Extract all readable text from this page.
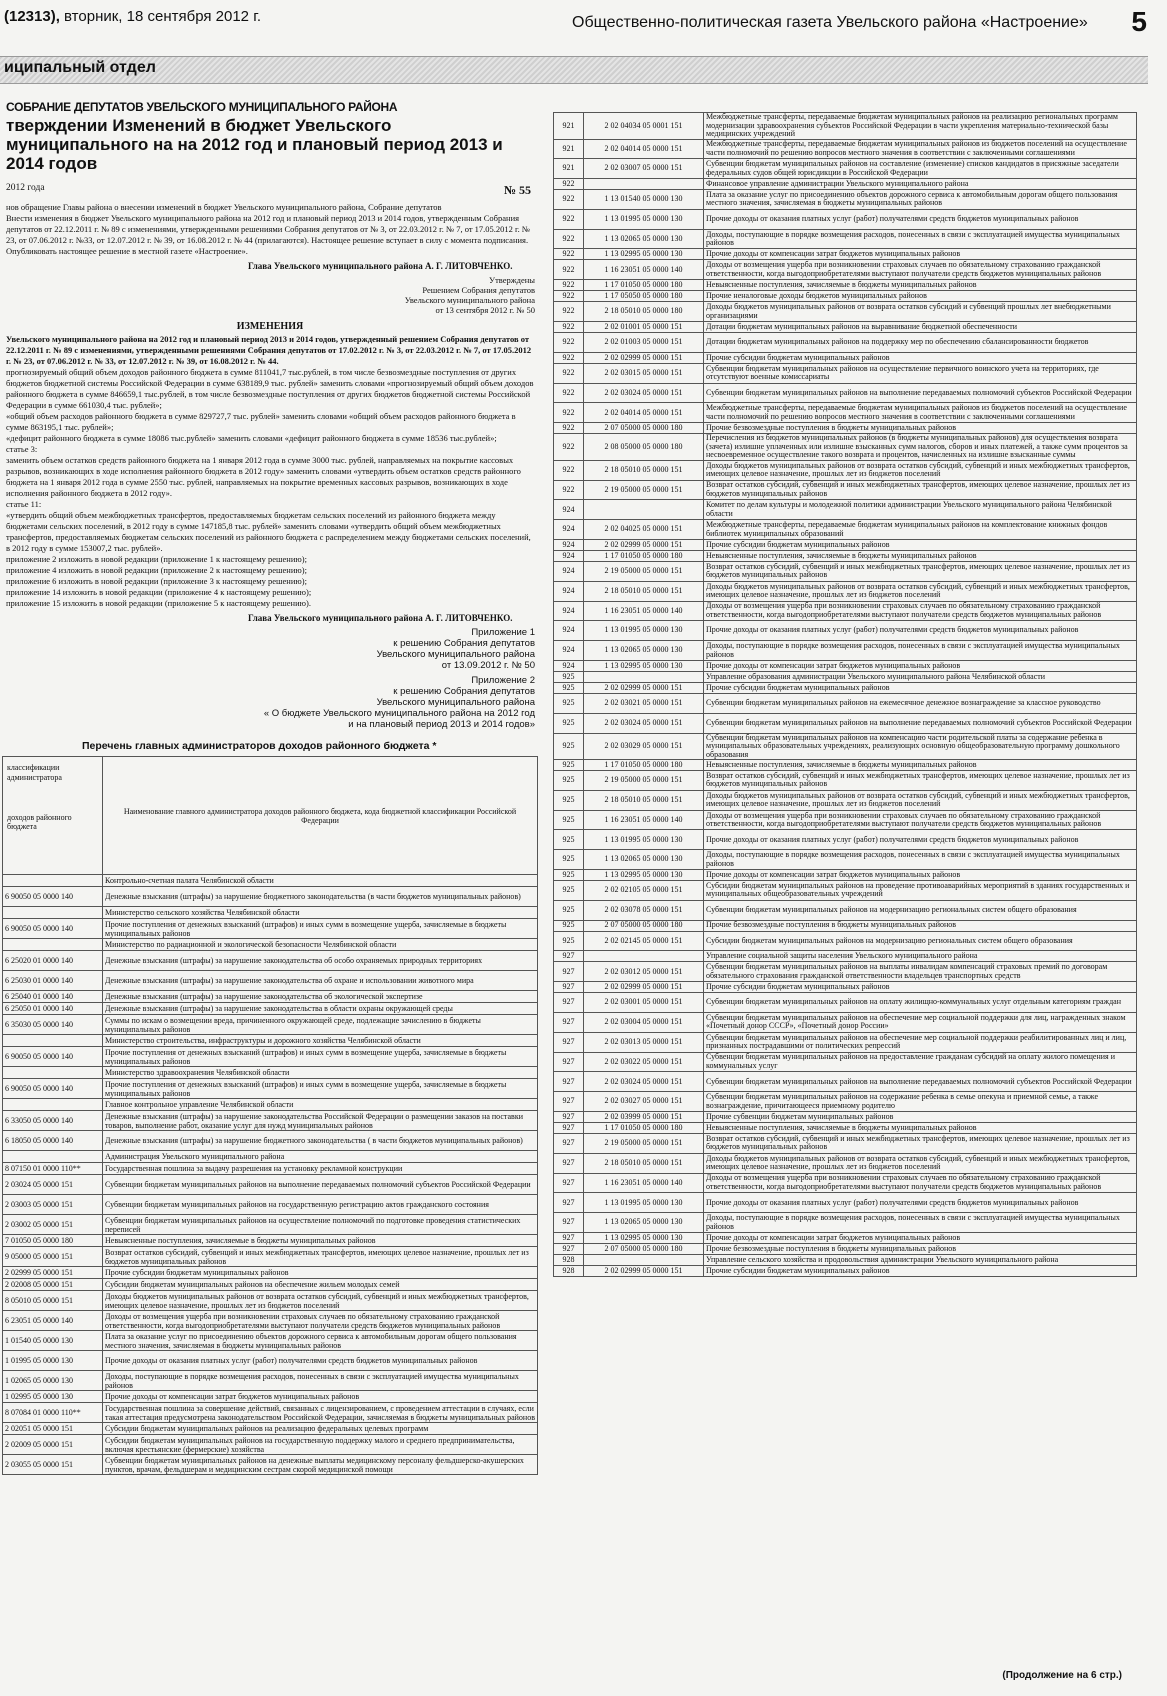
(12313), вторник, 18 сентября 2012 г.	Общественно-политическая газета Увельского района «Настроение» 5
иципальный отдел
СОБРАНИЕ ДЕПУТАТОВ УВЕЛЬСКОГО МУНИЦИПАЛЬНОГО РАЙОНА
тверждении Изменений в бюджет Увельского муниципального на на 2012 год и плановый период 2013 и 2014 годов
2012 года	№ 55
нов обращение Главы района о внесении изменений в бюджет Увельского муниципального района, Собрание депутатов
Внести изменения в бюджет Увельского муниципального района на 2012 год и плановый период 2013 и 2014 годов, утвержденным Собрания депутатов от 22.12.2011 г. № 89 с изменениями, утвержденными решениями Собрания депутатов от № 3, от 22.03.2012 г. № 7, от 17.05.2012 г. № 23, от 07.06.2012 г. №33, от 12.07.2012 г. № 39, от 16.08.2012 г. № 44 (прилагаются). Настоящее решение вступает в силу с момента подписания. Опубликовать настоящее решение в местной газете «Настроение».
Глава Увельского муниципального района А. Г. ЛИТОВЧЕНКО.
Утверждены
Решением Собрания депутатов
Увельского муниципального района
от 13 сентября 2012 г. № 50
ИЗМЕНЕНИЯ
Увельского муниципального района на 2012 год и плановый период 2013 и 2014 годов, утвержденный решением Собрания депутатов от 22.12.2011 г. № 89 с изменениями, утвержденными решениями Собрания депутатов от 17.02.2012 г. № 3, от 22.03.2012 г. № 7, от 17.05.2012 г. № 23, от 07.06.2012 г. № 33, от 12.07.2012 г. № 39, от 16.08.2012 г. № 44.
прогнозируемый общий объем доходов районного бюджета в сумме 811041,7 тыс.рублей, в том числе безвозмездные поступления от других бюджетов бюджетной системы Российской Федерации в сумме 638189,9 тыс. рублей» заменить словами «прогнозируемый общий объем доходов районного бюджета в сумме 846659,1 тыс.рублей, в том числе безвозмездные поступления от других бюджетов бюджетной системы Российской Федерации в сумме 661030,4 тыс. рублей»;
«общий объем расходов районного бюджета в сумме 829727,7 тыс. рублей» заменить словами «общий объем расходов районного бюджета в сумме 863195,1 тыс. рублей»;
«дефицит районного бюджета в сумме 18086 тыс.рублей» заменить словами «дефицит районного бюджета в сумме 18536 тыс.рублей»;
статье 3:
заменить объем остатков средств районного бюджета на 1 января 2012 года в сумме 3000 тыс. рублей, направляемых на покрытие кассовых разрывов, возникающих в ходе исполнения районного бюджета в 2012 году» заменить словами «утвердить объем остатков средств районного бюджета на 1 января 2012 года в сумме 2550 тыс. рублей, направляемых на покрытие временных кассовых разрывов, возникающих в ходе исполнения районного бюджета в 2012 году».
статье 11:
«утвердить общий объем межбюджетных трансфертов, предоставляемых бюджетам сельских поселений из районного бюджета между бюджетами сельских поселений, в 2012 году в сумме 147185,8 тыс. рублей» заменить словами «утвердить общий объем межбюджетных трансфертов, предоставляемых бюджетам сельских поселений из районного бюджета с распределением между бюджетами сельских поселений, в 2012 году в сумме 153007,2 тыс. рублей».
приложение 2 изложить в новой редакции (приложение 1 к настоящему решению);
приложение 4 изложить в новой редакции (приложение 2 к настоящему решению);
приложение 6 изложить в новой редакции (приложение 3 к настоящему решению);
приложение 14 изложить в новой редакции (приложение 4 к настоящему решению);
приложение 15 изложить в новой редакции (приложение 5 к настоящему решению).
Глава Увельского муниципального района А. Г. ЛИТОВЧЕНКО.
Приложение 1
к решению Собрания депутатов
Увельского муниципального района
от 13.09.2012 г. № 50
Приложение 2
к решению Собрания депутатов
Увельского муниципального района
« О бюджете Увельского муниципального района на 2012 год
и на плановый период 2013 и 2014 годов»
Перечень главных администраторов доходов районного бюджета *
классификации
администратора
доходов районного бюджета	Наименование главного администратора доходов районного бюджета, кода бюджетной классификации Российской Федерации
	Контрольно-счетная палата Челябинской области
6 90050 05 0000 140	Денежные взыскания (штрафы) за нарушение бюджетного законодательства (в части бюджетов муниципальных районов)
	Министерство сельского хозяйства Челябинской области
6 90050 05 0000 140	Прочие поступления от денежных взысканий (штрафов) и иных сумм в возмещение ущерба, зачисляемые в бюджеты муниципальных районов
	Министерство по радиационной и экологической безопасности Челябинской области
6 25020 01 0000 140	Денежные взыскания (штрафы) за нарушение законодательства об особо охраняемых природных территориях
6 25030 01 0000 140	Денежные взыскания (штрафы) за нарушение законодательства об охране и использовании животного мира
6 25040 01 0000 140	Денежные взыскания (штрафы) за нарушение законодательства об экологической экспертизе
6 25050 01 0000 140	Денежные взыскания (штрафы) за нарушение законодательства в области охраны окружающей среды
6 35030 05 0000 140	Суммы по искам о возмещении вреда, причиненного окружающей среде, подлежащие зачислению в бюджеты муниципальных районов
	Министерство строительства, инфраструктуры и дорожного хозяйства Челябинской области
6 90050 05 0000 140	Прочие поступления от денежных взысканий (штрафов) и иных сумм в возмещение ущерба, зачисляемые в бюджеты муниципальных районов
	Министерство здравоохранения Челябинской области
6 90050 05 0000 140	Прочие поступления от денежных взысканий (штрафов) и иных сумм в возмещение ущерба, зачисляемые в бюджеты муниципальных районов
	Главное контрольное управление Челябинской области
6 33050 05 0000 140	Денежные взыскания (штрафы) за нарушение законодательства Российской Федерации о размещении заказов на поставки товаров, выполнение работ, оказание услуг для нужд муниципальных районов
6 18050 05 0000 140	Денежные взыскания (штрафы) за нарушение бюджетного законодательства ( в части бюджетов муниципальных районов)
	Администрация Увельского муниципального района
8 07150 01 0000 110**	Государственная пошлина за выдачу разрешения на установку рекламной конструкции
2 03024 05 0000 151	Субвенции бюджетам муниципальных районов на выполнение передаваемых полномочий субъектов Российской Федерации
2 03003 05 0000 151	Субвенции бюджетам муниципальных районов на государственную регистрацию актов гражданского состояния
2 03002 05 0000 151	Субвенции бюджетам муниципальных районов на осуществление полномочий по подготовке проведения статистических переписей
7 01050 05 0000 180	Невыясненные поступления, зачисляемые в бюджеты муниципальных районов
9 05000 05 0000 151	Возврат остатков субсидий, субвенций и иных межбюджетных трансфертов, имеющих целевое назначение, прошлых лет из бюджетов муниципальных районов
2 02999 05 0000 151	Прочие субсидии бюджетам муниципальных районов
2 02008 05 0000 151	Субсидии бюджетам муниципальных районов на обеспечение жильем молодых семей
8 05010 05 0000 151	Доходы бюджетов муниципальных районов от возврата остатков субсидий, субвенций и иных межбюджетных трансфертов, имеющих целевое назначение, прошлых лет из бюджетов поселений
6 23051 05 0000 140	Доходы от возмещения ущерба при возникновении страховых случаев по обязательному страхованию гражданской ответственности, когда выгодоприобретателями выступают получатели средств бюджетов муниципальных районов
1 01540 05 0000 130	Плата за оказание услуг по присоединению объектов дорожного сервиса к автомобильным дорогам общего пользования местного значения, зачисляемая в бюджеты муниципальных районов
1 01995 05 0000 130	Прочие доходы от оказания платных услуг (работ) получателями средств бюджетов муниципальных районов
1 02065 05 0000 130	Доходы, поступающие в порядке возмещения расходов, понесенных в связи с эксплуатацией имущества муниципальных районов
1 02995 05 0000 130	Прочие доходы от компенсации затрат бюджетов муниципальных районов
8 07084 01 0000 110**	Государственная пошлина за совершение действий, связанных с лицензированием, с проведением аттестации в случаях, если такая аттестация предусмотрена законодательством Российской Федерации, зачисляемая в бюджеты муниципальных районов
2 02051 05 0000 151	Субсидии бюджетам муниципальных районов на реализацию федеральных целевых программ
2 02009 05 0000 151	Субсидии бюджетам муниципальных районов на государственную поддержку малого и среднего предпринимательства, включая крестьянские (фермерские) хозяйства
2 03055 05 0000 151	Субвенции бюджетам муниципальных районов на денежные выплаты медицинскому персоналу фельдшерско-акушерских пунктов, врачам, фельдшерам и медицинским сестрам скорой медицинской помощи
921	2 02 04034 05 0001 151	Межбюджетные трансферты, передаваемые бюджетам муниципальных районов на реализацию региональных программ модернизации здравоохранения субъектов Российской Федерации в части укрепления материально-технической базы медицинских учреждений
921	2 02 04014 05 0000 151	Межбюджетные трансферты, передаваемые бюджетам муниципальных районов из бюджетов поселений на осуществление части полномочий по решению вопросов местного значения в соответствии с заключенными соглашениями
921	2 02 03007 05 0000 151	Субвенции бюджетам муниципальных районов на составление (изменение) списков кандидатов в присяжные заседатели федеральных судов общей юрисдикции в Российской Федерации
922		Финансовое управление администрации Увельского муниципального района
922	1 13 01540 05 0000 130	Плата за оказание услуг по присоединению объектов дорожного сервиса к автомобильным дорогам общего пользования местного значения, зачисляемая в бюджеты муниципальных районов
922	1 13 01995 05 0000 130	Прочие доходы от оказания платных услуг (работ) получателями средств бюджетов муниципальных районов
922	1 13 02065 05 0000 130	Доходы, поступающие в порядке возмещения расходов, понесенных в связи с эксплуатацией имущества муниципальных районов
922	1 13 02995 05 0000 130	Прочие доходы от компенсации затрат бюджетов муниципальных районов
922	1 16 23051 05 0000 140	Доходы от возмещения ущерба при возникновении страховых случаев по обязательному страхованию гражданской ответственности, когда выгодоприобретателями выступают получатели средств бюджетов муниципальных районов
922	1 17 01050 05 0000 180	Невыясненные поступления, зачисляемые в бюджеты муниципальных районов
922	1 17 05050 05 0000 180	Прочие неналоговые доходы бюджетов муниципальных районов
922	2 18 05010 05 0000 180	Доходы бюджетов муниципальных районов от возврата остатков субсидий и субвенций прошлых лет внебюджетными организациями
922	2 02 01001 05 0000 151	Дотации бюджетам муниципальных районов на выравнивание бюджетной обеспеченности
922	2 02 01003 05 0000 151	Дотации бюджетам муниципальных районов на поддержку мер по обеспечению сбалансированности бюджетов
922	2 02 02999 05 0000 151	Прочие субсидии бюджетам муниципальных районов
922	2 02 03015 05 0000 151	Субвенции бюджетам муниципальных районов на осуществление первичного воинского учета на территориях, где отсутствуют военные комиссариаты
922	2 02 03024 05 0000 151	Субвенции бюджетам муниципальных районов на выполнение передаваемых полномочий субъектов Российской Федерации
922	2 02 04014 05 0000 151	Межбюджетные трансферты, передаваемые бюджетам муниципальных районов из бюджетов поселений на осуществление части полномочий по решению вопросов местного значения в соответствии с заключенными соглашениями
922	2 07 05000 05 0000 180	Прочие безвозмездные поступления в бюджеты муниципальных районов
922	2 08 05000 05 0000 180	Перечисления из бюджетов муниципальных районов (в бюджеты муниципальных районов) для осуществления возврата (зачета) излишне уплаченных или излишне взысканных сумм налогов, сборов и иных платежей, а также сумм процентов за несвоевременное осуществление такого возврата и процентов, начисленных на излишне взысканные суммы
922	2 18 05010 05 0000 151	Доходы бюджетов муниципальных районов от возврата остатков субсидий, субвенций и иных межбюджетных трансфертов, имеющих целевое назначение, прошлых лет из бюджетов поселений
922	2 19 05000 05 0000 151	Возврат остатков субсидий, субвенций и иных межбюджетных трансфертов, имеющих целевое назначение, прошлых лет из бюджетов муниципальных районов
924		Комитет по делам культуры и молодежной политики администрации Увельского муниципального района Челябинской области
924	2 02 04025 05 0000 151	Межбюджетные трансферты, передаваемые бюджетам муниципальных районов на комплектование книжных фондов библиотек муниципальных образований
924	2 02 02999 05 0000 151	Прочие субсидии бюджетам муниципальных районов
924	1 17 01050 05 0000 180	Невыясненные поступления, зачисляемые в бюджеты муниципальных районов
924	2 19 05000 05 0000 151	Возврат остатков субсидий, субвенций и иных межбюджетных трансфертов, имеющих целевое назначение, прошлых лет из бюджетов муниципальных районов
924	2 18 05010 05 0000 151	Доходы бюджетов муниципальных районов от возврата остатков субсидий, субвенций и иных межбюджетных трансфертов, имеющих целевое назначение, прошлых лет из бюджетов поселений
924	1 16 23051 05 0000 140	Доходы от возмещения ущерба при возникновении страховых случаев по обязательному страхованию гражданской ответственности, когда выгодоприобретателями выступают получатели средств бюджетов муниципальных районов
924	1 13 01995 05 0000 130	Прочие доходы от оказания платных услуг (работ) получателями средств бюджетов муниципальных районов
924	1 13 02065 05 0000 130	Доходы, поступающие в порядке возмещения расходов, понесенных в связи с эксплуатацией имущества муниципальных районов
924	1 13 02995 05 0000 130	Прочие доходы от компенсации затрат бюджетов муниципальных районов
925		Управление образования администрации Увельского муниципального района Челябинской области
925	2 02 02999 05 0000 151	Прочие субсидии бюджетам муниципальных районов
925	2 02 03021 05 0000 151	Субвенции бюджетам муниципальных районов на ежемесячное денежное вознаграждение за классное руководство
925	2 02 03024 05 0000 151	Субвенции бюджетам муниципальных районов на выполнение передаваемых полномочий субъектов Российской Федерации
925	2 02 03029 05 0000 151	Субвенции бюджетам муниципальных районов на компенсацию части родительской платы за содержание ребенка в муниципальных образовательных учреждениях, реализующих основную общеобразовательную программу дошкольного образования
925	1 17 01050 05 0000 180	Невыясненные поступления, зачисляемые в бюджеты муниципальных районов
925	2 19 05000 05 0000 151	Возврат остатков субсидий, субвенций и иных межбюджетных трансфертов, имеющих целевое назначение, прошлых лет из бюджетов муниципальных районов
925	2 18 05010 05 0000 151	Доходы бюджетов муниципальных районов от возврата остатков субсидий, субвенций и иных межбюджетных трансфертов, имеющих целевое назначение, прошлых лет из бюджетов поселений
925	1 16 23051 05 0000 140	Доходы от возмещения ущерба при возникновении страховых случаев по обязательному страхованию гражданской ответственности, когда выгодоприобретателями выступают получатели средств бюджетов муниципальных районов
925	1 13 01995 05 0000 130	Прочие доходы от оказания платных услуг (работ) получателями средств бюджетов муниципальных районов
925	1 13 02065 05 0000 130	Доходы, поступающие в порядке возмещения расходов, понесенных в связи с эксплуатацией имущества муниципальных районов
925	1 13 02995 05 0000 130	Прочие доходы от компенсации затрат бюджетов муниципальных районов
925	2 02 02105 05 0000 151	Субсидии бюджетам муниципальных районов на проведение противоаварийных мероприятий в зданиях государственных и муниципальных общеобразовательных учреждений
925	2 02 03078 05 0000 151	Субвенции бюджетам муниципальных районов на модернизацию региональных систем общего образования
925	2 07 05000 05 0000 180	Прочие безвозмездные поступления в бюджеты муниципальных районов
925	2 02 02145 05 0000 151	Субсидии бюджетам муниципальных районов на модернизацию региональных систем общего образования
927		Управление социальной защиты населения Увельского муниципального района
927	2 02 03012 05 0000 151	Субвенции бюджетам муниципальных районов на выплаты инвалидам компенсаций страховых премий по договорам обязательного страхования гражданской ответственности владельцев транспортных средств
927	2 02 02999 05 0000 151	Прочие субсидии бюджетам муниципальных районов
927	2 02 03001 05 0000 151	Субвенции бюджетам муниципальных районов на оплату жилищно-коммунальных услуг отдельным категориям граждан
927	2 02 03004 05 0000 151	Субвенции бюджетам муниципальных районов на обеспечение мер социальной поддержки для лиц, награжденных знаком «Почетный донор СССР», «Почетный донор России»
927	2 02 03013 05 0000 151	Субвенции бюджетам муниципальных районов на обеспечение мер социальной поддержки реабилитированных лиц и лиц, признанных пострадавшими от политических репрессий
927	2 02 03022 05 0000 151	Субвенции бюджетам муниципальных районов на предоставление гражданам субсидий на оплату жилого помещения и коммунальных услуг
927	2 02 03024 05 0000 151	Субвенции бюджетам муниципальных районов на выполнение передаваемых полномочий субъектов Российской Федерации
927	2 02 03027 05 0000 151	Субвенции бюджетам муниципальных районов на содержание ребенка в семье опекуна и приемной семье, а также вознаграждение, причитающееся приемному родителю
927	2 02 03999 05 0000 151	Прочие субвенции бюджетам муниципальных районов
927	1 17 01050 05 0000 180	Невыясненные поступления, зачисляемые в бюджеты муниципальных районов
927	2 19 05000 05 0000 151	Возврат остатков субсидий, субвенций и иных межбюджетных трансфертов, имеющих целевое назначение, прошлых лет из бюджетов муниципальных районов
927	2 18 05010 05 0000 151	Доходы бюджетов муниципальных районов от возврата остатков субсидий, субвенций и иных межбюджетных трансфертов, имеющих целевое назначение, прошлых лет из бюджетов поселений
927	1 16 23051 05 0000 140	Доходы от возмещения ущерба при возникновении страховых случаев по обязательному страхованию гражданской ответственности, когда выгодоприобретателями выступают получатели средств бюджетов муниципальных районов
927	1 13 01995 05 0000 130	Прочие доходы от оказания платных услуг (работ) получателями средств бюджетов муниципальных районов
927	1 13 02065 05 0000 130	Доходы, поступающие в порядке возмещения расходов, понесенных в связи с эксплуатацией имущества муниципальных районов
927	1 13 02995 05 0000 130	Прочие доходы от компенсации затрат бюджетов муниципальных районов
927	2 07 05000 05 0000 180	Прочие безвозмездные поступления в бюджеты муниципальных районов
928		Управление сельского хозяйства и продовольствия администрации Увельского муниципального района
928	2 02 02999 05 0000 151	Прочие субсидии бюджетам муниципальных районов
(Продолжение на 6 стр.)
